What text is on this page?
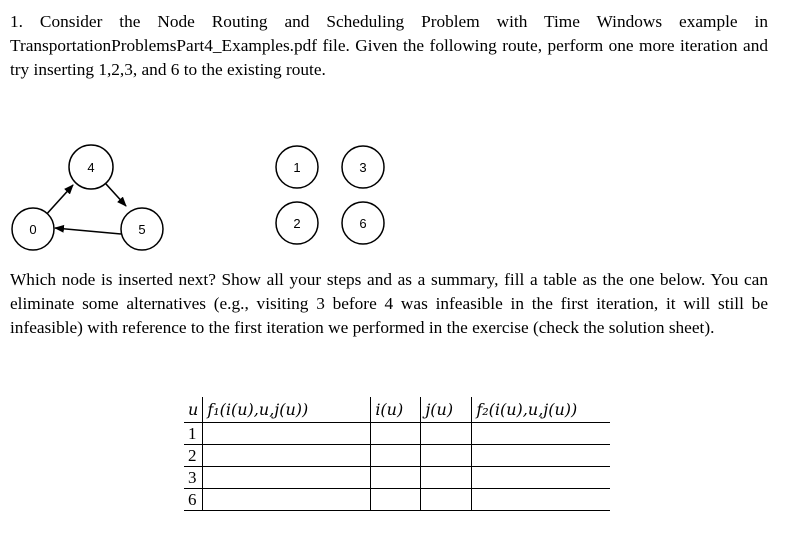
1. Consider the Node Routing and Scheduling Problem with Time Windows example in TransportationProblemsPart4_Examples.pdf file. Given the following route, perform one more iteration and try inserting 1,2,3, and 6 to the existing route.
0
4
5
1	3
2	6
Which node is inserted next? Show all your steps and as a summary, fill a table as the one below. You can eliminate some alternatives (e.g., visiting 3 before 4 was infeasible in the first iteration, it will still be infeasible) with reference to the first iteration we performed in the exercise (check the solution sheet).
u	f₁(i(u),u,j(u))	i(u)	j(u)	f₂(i(u),u,j(u))
1				
2				
3				
6				
